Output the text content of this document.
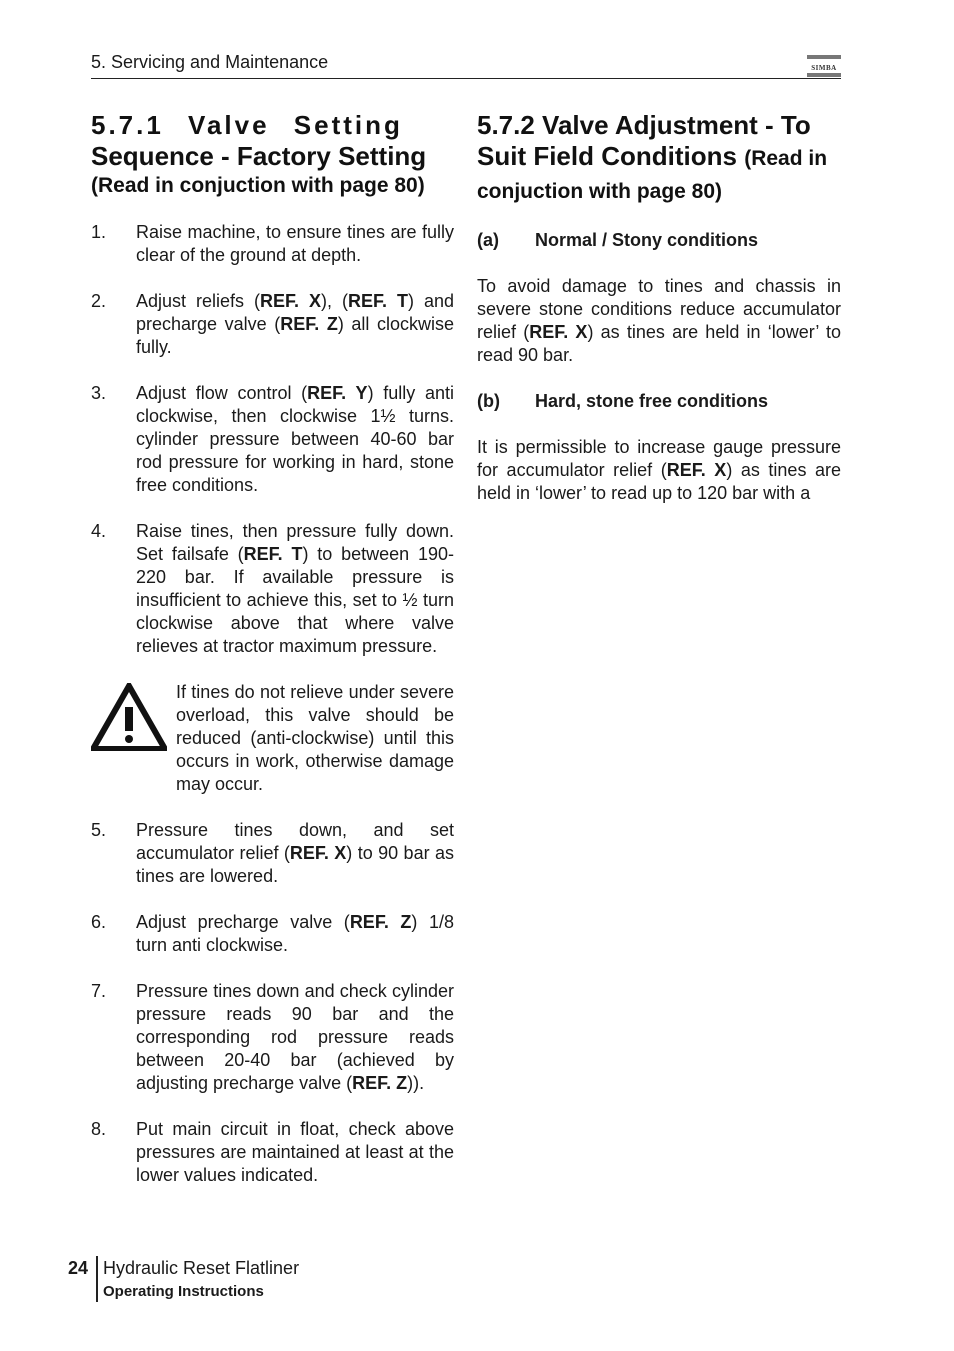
5. Servicing and Maintenance	SIMBA
5.7.1 Valve Setting
Sequence - Factory Setting
(Read in conjuction with page 80)
1. Raise machine, to ensure tines are fully clear of the ground at depth.
2. Adjust reliefs (REF. X), (REF. T) and precharge valve (REF. Z) all clockwise fully.
3. Adjust flow control (REF. Y) fully anti clockwise, then clockwise 1½ turns. cylinder pressure between 40-60 bar rod pressure for working in hard, stone free conditions.
4. Raise tines, then pressure fully down. Set failsafe (REF. T) to between 190-220 bar. If available pressure is insufficient to achieve this, set to ½ turn clockwise above that where valve relieves at tractor maximum pressure.
If tines do not relieve under severe overload, this valve should be reduced (anti-clockwise) until this occurs in work, otherwise damage may occur.
5. Pressure tines down, and set accumulator relief (REF. X) to 90 bar as tines are lowered.
6. Adjust precharge valve (REF. Z) 1/8 turn anti clockwise.
7. Pressure tines down and check cylinder pressure reads 90 bar and the corresponding rod pressure reads between 20-40 bar (achieved by adjusting precharge valve (REF. Z)).
8. Put main circuit in float, check above pressures are maintained at least at the lower values indicated.
5.7.2 Valve Adjustment - To Suit Field Conditions (Read in conjuction with page 80)
(a) Normal / Stony conditions

To avoid damage to tines and chassis in severe stone conditions reduce accumulator relief (REF. X) as tines are held in ‘lower’ to read 90 bar.

(b) Hard, stone free conditions

It is permissible to increase gauge pressure for accumulator relief (REF. X) as tines are held in ‘lower’ to read up to 120 bar with a

24 Hydraulic Reset Flatliner
Operating Instructions
